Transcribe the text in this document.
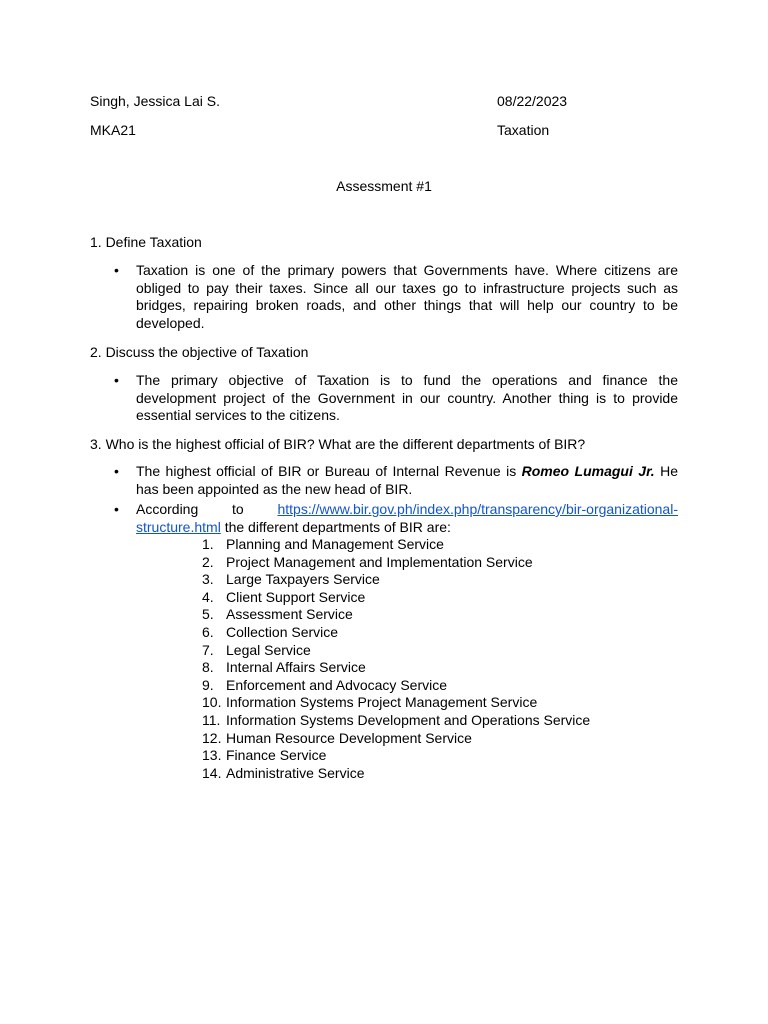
Singh, Jessica Lai S.	08/22/2023
MKA21	Taxation
Assessment #1
1. Define Taxation
•	Taxation is one of the primary powers that Governments have. Where citizens are obliged to pay their taxes. Since all our taxes go to infrastructure projects such as bridges, repairing broken roads, and other things that will help our country to be developed.
2. Discuss the objective of Taxation
•	The primary objective of Taxation is to fund the operations and finance the development project of the Government in our country. Another thing is to provide essential services to the citizens.
3. Who is the highest official of BIR? What are the different departments of BIR?
•	The highest official of BIR or Bureau of Internal Revenue is Romeo Lumagui Jr. He has been appointed as the new head of BIR.
•	According to https://www.bir.gov.ph/index.php/transparency/bir-organizational-
structure.html the different departments of BIR are:
1. Planning and Management Service
2. Project Management and Implementation Service
3. Large Taxpayers Service
4. Client Support Service
5. Assessment Service
6. Collection Service
7. Legal Service
8. Internal Affairs Service
9. Enforcement and Advocacy Service
10. Information Systems Project Management Service
11. Information Systems Development and Operations Service
12. Human Resource Development Service
13. Finance Service
14. Administrative Service
